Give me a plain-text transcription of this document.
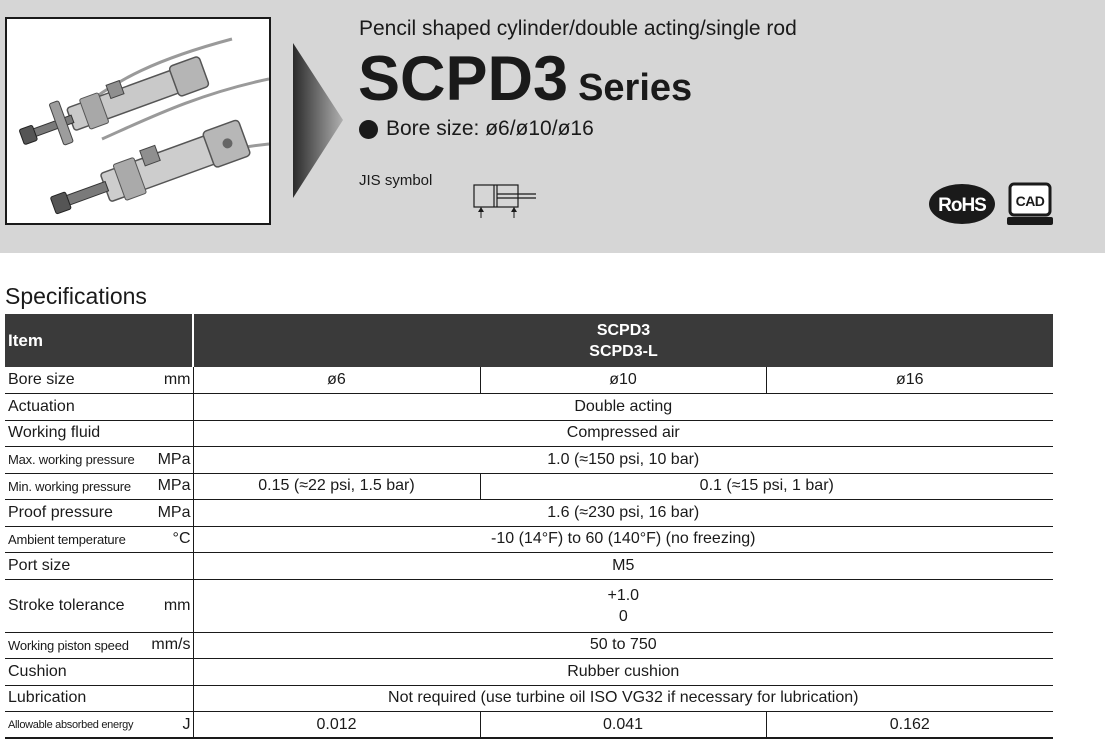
Pencil shaped cylinder/double acting/single rod
SCPD3 Series
Bore size: ø6/ø10/ø16
JIS symbol
RoHS CAD
Specifications
Item		SCPD3
SCPD3-L		
Bore size	mm	ø6	ø10	ø16
Actuation		Double acting		
Working fluid		Compressed air		
Max. working pressure	MPa	1.0 (≈150 psi, 10 bar)		
Min. working pressure	MPa	0.15 (≈22 psi, 1.5 bar)	0.1 (≈15 psi, 1 bar)	
Proof pressure	MPa	1.6 (≈230 psi, 16 bar)		
Ambient temperature	°C	-10 (14°F) to 60 (140°F) (no freezing)		
Port size		M5		
Stroke tolerance	mm	+1.0
0		
Working piston speed	mm/s	50 to 750		
Cushion		Rubber cushion		
Lubrication		Not required (use turbine oil ISO VG32 if necessary for lubrication)		
Allowable absorbed energy	J	0.012	0.041	0.162
